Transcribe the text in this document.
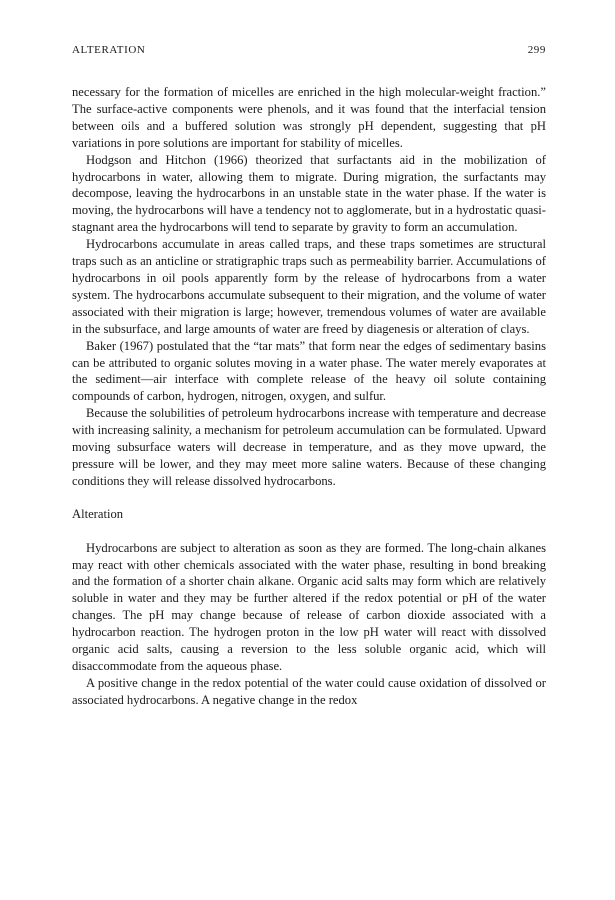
ALTERATION	299

necessary for the formation of micelles are enriched in the high molecular-weight fraction.” The surface-active components were phenols, and it was found that the interfacial tension between oils and a buffered solution was strongly pH dependent, suggesting that pH variations in pore solutions are important for stability of micelles.

Hodgson and Hitchon (1966) theorized that surfactants aid in the mobilization of hydrocarbons in water, allowing them to migrate. During migration, the surfactants may decompose, leaving the hydrocarbons in an unstable state in the water phase. If the water is moving, the hydrocarbons will have a tendency not to agglomerate, but in a hydrostatic quasi-stagnant area the hydrocarbons will tend to separate by gravity to form an accumulation.

Hydrocarbons accumulate in areas called traps, and these traps sometimes are structural traps such as an anticline or stratigraphic traps such as permeability barrier. Accumulations of hydrocarbons in oil pools apparently form by the release of hydrocarbons from a water system. The hydrocarbons accumulate subsequent to their migration, and the volume of water associated with their migration is large; however, tremendous volumes of water are available in the subsurface, and large amounts of water are freed by diagenesis or alteration of clays.

Baker (1967) postulated that the “tar mats” that form near the edges of sedimentary basins can be attributed to organic solutes moving in a water phase. The water merely evaporates at the sediment—air interface with complete release of the heavy oil solute containing compounds of carbon, hydrogen, nitrogen, oxygen, and sulfur.

Because the solubilities of petroleum hydrocarbons increase with temperature and decrease with increasing salinity, a mechanism for petroleum accumulation can be formulated. Upward moving subsurface waters will decrease in temperature, and as they move upward, the pressure will be lower, and they may meet more saline waters. Because of these changing conditions they will release dissolved hydrocarbons.

Alteration

Hydrocarbons are subject to alteration as soon as they are formed. The long-chain alkanes may react with other chemicals associated with the water phase, resulting in bond breaking and the formation of a shorter chain alkane. Organic acid salts may form which are relatively soluble in water and they may be further altered if the redox potential or pH of the water changes. The pH may change because of release of carbon dioxide associated with a hydrocarbon reaction. The hydrogen proton in the low pH water will react with dissolved organic acid salts, causing a reversion to the less soluble organic acid, which will disaccommodate from the aqueous phase.

A positive change in the redox potential of the water could cause oxidation of dissolved or associated hydrocarbons. A negative change in the redox
